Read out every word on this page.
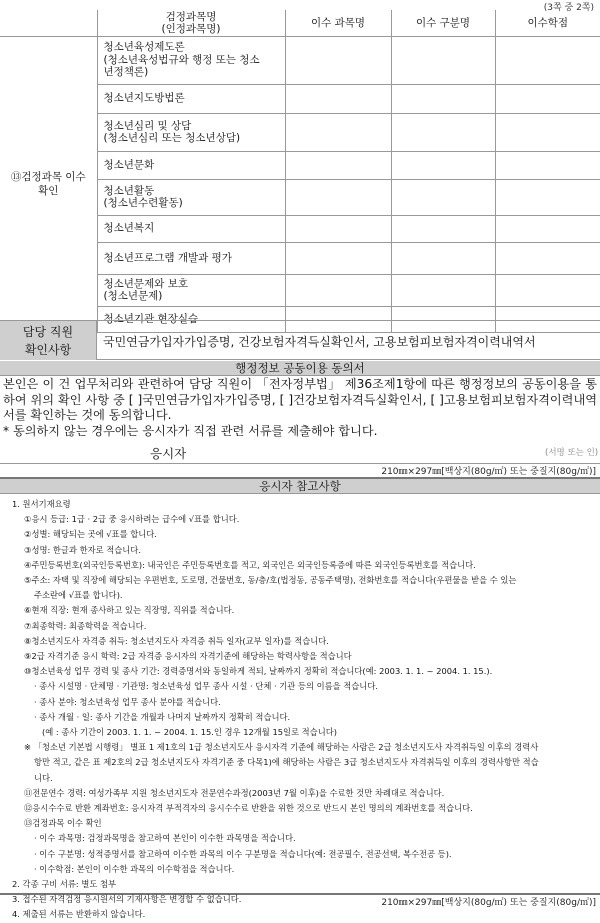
(3쪽 중 2쪽)
	검정과목명
(인정과목명)	이수 과목명	이수 구분명	이수학점
⑬검정과목 이수
확인	청소년육성제도론
(청소년육성법규와 행정 또는 청소
년정책론)			
	청소년지도방법론			
	청소년심리 및 상담
(청소년심리 또는 청소년상담)			
	청소년문화			
	청소년활동
(청소년수련활동)			
	청소년복지			
	청소년프로그램 개발과 평가			
	청소년문제와 보호
(청소년문제)			
	청소년기관 현장실습			
담당 직원
확인사항
국민연금가입자가입증명, 건강보험자격득실확인서, 고용보험피보험자격이력내역서
행정정보 공동이용 동의서
본인은 이 건 업무처리와 관련하여 담당 직원이 「전자정부법」 제36조제1항에 따른 행정정보의 공동이용을 통하여 위의 확인 사항 중 [ ]국민연금가입자가입증명, [ ]건강보험자격득실확인서, [ ]고용보험피보험자격이력내역서를 확인하는 것에 동의합니다.
* 동의하지 않는 경우에는 응시자가 직접 관련 서류를 제출해야 합니다.
응시자	(서명 또는 인)
210㎜×297㎜[백상지(80g/㎡) 또는 중질지(80g/㎡)]
응시자 참고사항
1. 원서기재요령
①응시 등급: 1급 · 2급 중 응시하려는 급수에 √표를 합니다.
②성별: 해당되는 곳에 √표를 합니다.
③성명: 한글과 한자로 적습니다.
④주민등록번호(외국인등록번호): 내국인은 주민등록번호를 적고, 외국인은 외국인등록증에 따른 외국인등록번호를 적습니다.
⑤주소: 자택 및 직장에 해당되는 우편번호, 도로명, 건물번호, 동/층/호(법정동, 공동주택명), 전화번호를 적습니다(우편물을 받을 수 있는
주소란에 √표를 합니다).
⑥현재 직장: 현재 종사하고 있는 직장명, 직위를 적습니다.
⑦최종학력: 최종학력을 적습니다.
⑧청소년지도사 자격증 취득: 청소년지도사 자격증 취득 일자(교부 일자)를 적습니다.
⑨2급 자격기준 응시 학력: 2급 자격증 응시자의 자격기준에 해당하는 학력사항을 적습니다
⑩청소년육성 업무 경력 및 종사 기간: 경력증명서와 동일하게 적되, 날짜까지 정확히 적습니다(예: 2003. 1. 1. ~ 2004. 1. 15.).
· 종사 시설명 · 단체명 · 기관명: 청소년육성 업무 종사 시설 · 단체 · 기관 등의 이름을 적습니다.
· 종사 분야: 청소년육성 업무 종사 분야를 적습니다.
· 종사 개월 · 일: 종사 기간을 개월과 나머지 날짜까지 정확히 적습니다.
(예 : 종사 기간이 2003. 1. 1. ~ 2004. 1. 15.인 경우 12개월 15일로 적습니다)
※ 「청소년 기본법 시행령」 별표 1 제1호의 1급 청소년지도사 응시자격 기준에 해당하는 사람은 2급 청소년지도사 자격취득일 이후의 경력사
항만 적고, 같은 표 제2호의 2급 청소년지도사 자격기준 중 다목1)에 해당하는 사람은 3급 청소년지도사 자격취득일 이후의 경력사항만 적습
니다.
⑪전문연수 경력: 여성가족부 지원 청소년지도자 전문연수과정(2003년 7월 이후)을 수료한 것만 차례대로 적습니다.
⑫응시수수료 반환 계좌번호: 응시자격 부적격자의 응시수수료 반환을 위한 것으로 반드시 본인 명의의 계좌번호를 적습니다.
⑬검정과목 이수 확인
· 이수 과목명: 검정과목명을 참고하여 본인이 이수한 과목명을 적습니다.
· 이수 구분명: 성적증명서를 참고하여 이수한 과목의 이수 구분명을 적습니다(예: 전공필수, 전공선택, 복수전공 등).
· 이수학점: 본인이 이수한 과목의 이수학점을 적습니다.
2. 각종 구비 서류: 별도 첨부
3. 접수된 자격검정 응시원서의 기재사항은 변경할 수 없습니다.
4. 제출된 서류는 반환하지 않습니다.
210㎜×297㎜[백상지(80g/㎡) 또는 중질지(80g/㎡)]
